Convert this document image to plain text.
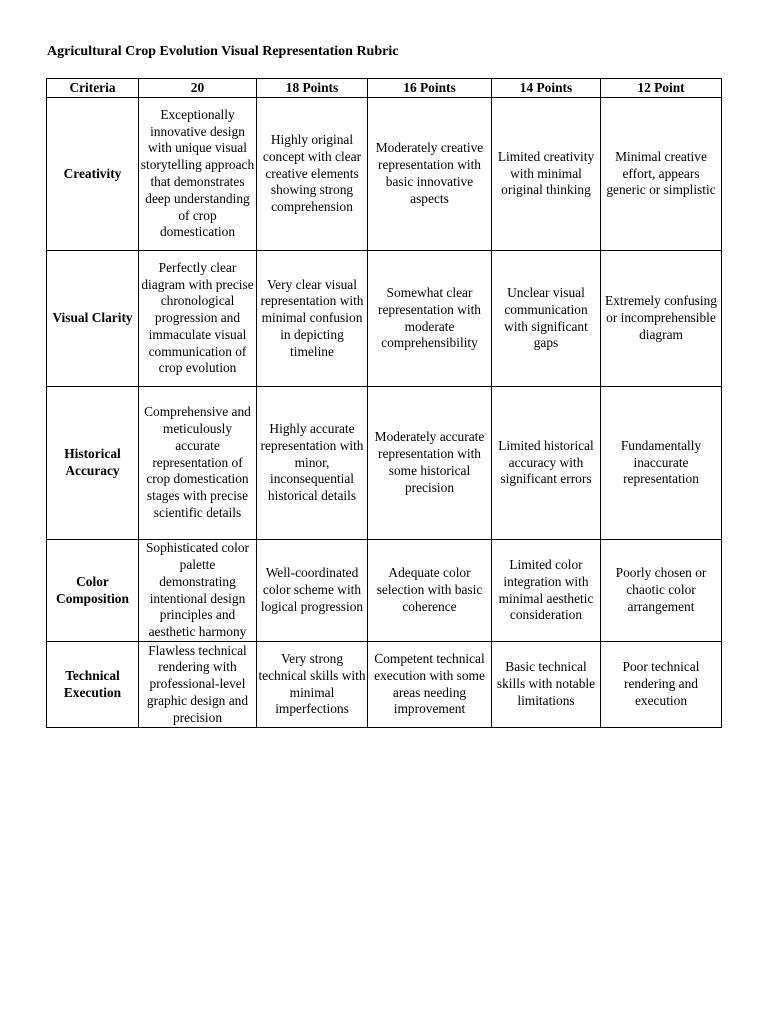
Agricultural Crop Evolution Visual Representation Rubric
Criteria	20	18 Points	16 Points	14 Points	12 Point
Creativity	Exceptionally innovative design with unique visual storytelling approach that demonstrates deep understanding of crop domestication	Highly original concept with clear creative elements showing strong comprehension	Moderately creative representation with basic innovative aspects	Limited creativity with minimal original thinking	Minimal creative effort, appears generic or simplistic
Visual Clarity	Perfectly clear diagram with precise chronological progression and immaculate visual communication of crop evolution	Very clear visual representation with minimal confusion in depicting timeline	Somewhat clear representation with moderate comprehensibility	Unclear visual communication with significant gaps	Extremely confusing or incomprehensible diagram
Historical Accuracy	Comprehensive and meticulously accurate representation of crop domestication stages with precise scientific details	Highly accurate representation with minor, inconsequential historical details	Moderately accurate representation with some historical precision	Limited historical accuracy with significant errors	Fundamentally inaccurate representation
Color Composition	Sophisticated color palette demonstrating intentional design principles and aesthetic harmony	Well-coordinated color scheme with logical progression	Adequate color selection with basic coherence	Limited color integration with minimal aesthetic consideration	Poorly chosen or chaotic color arrangement
Technical Execution	Flawless technical rendering with professional-level graphic design and precision	Very strong technical skills with minimal imperfections	Competent technical execution with some areas needing improvement	Basic technical skills with notable limitations	Poor technical rendering and execution
